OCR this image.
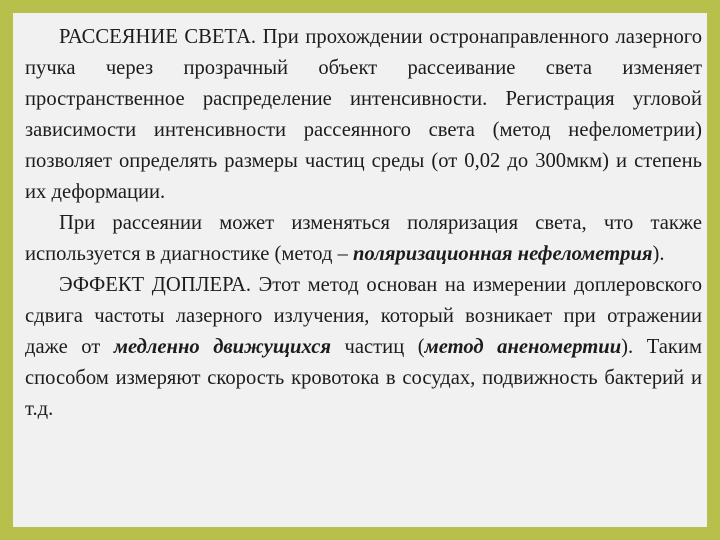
РАССЕЯНИЕ СВЕТА. При прохождении остронаправленного лазерного пучка через прозрачный объект рассеивание света изменяет пространственное распределение интенсивности. Регистрация угловой зависимости интенсивности рассеянного света (метод нефелометрии) позволяет определять размеры частиц среды (от 0,02 до 300мкм) и степень их деформации.

При рассеянии может изменяться поляризация света, что также используется в диагностике (метод – поляризационная нефелометрия).

ЭФФЕКТ ДОПЛЕРА. Этот метод основан на измерении доплеровского сдвига частоты лазерного излучения, который возникает при отражении даже от медленно движущихся частиц (метод аненомертии). Таким способом измеряют скорость кровотока в сосудах, подвижность бактерий и т.д.
